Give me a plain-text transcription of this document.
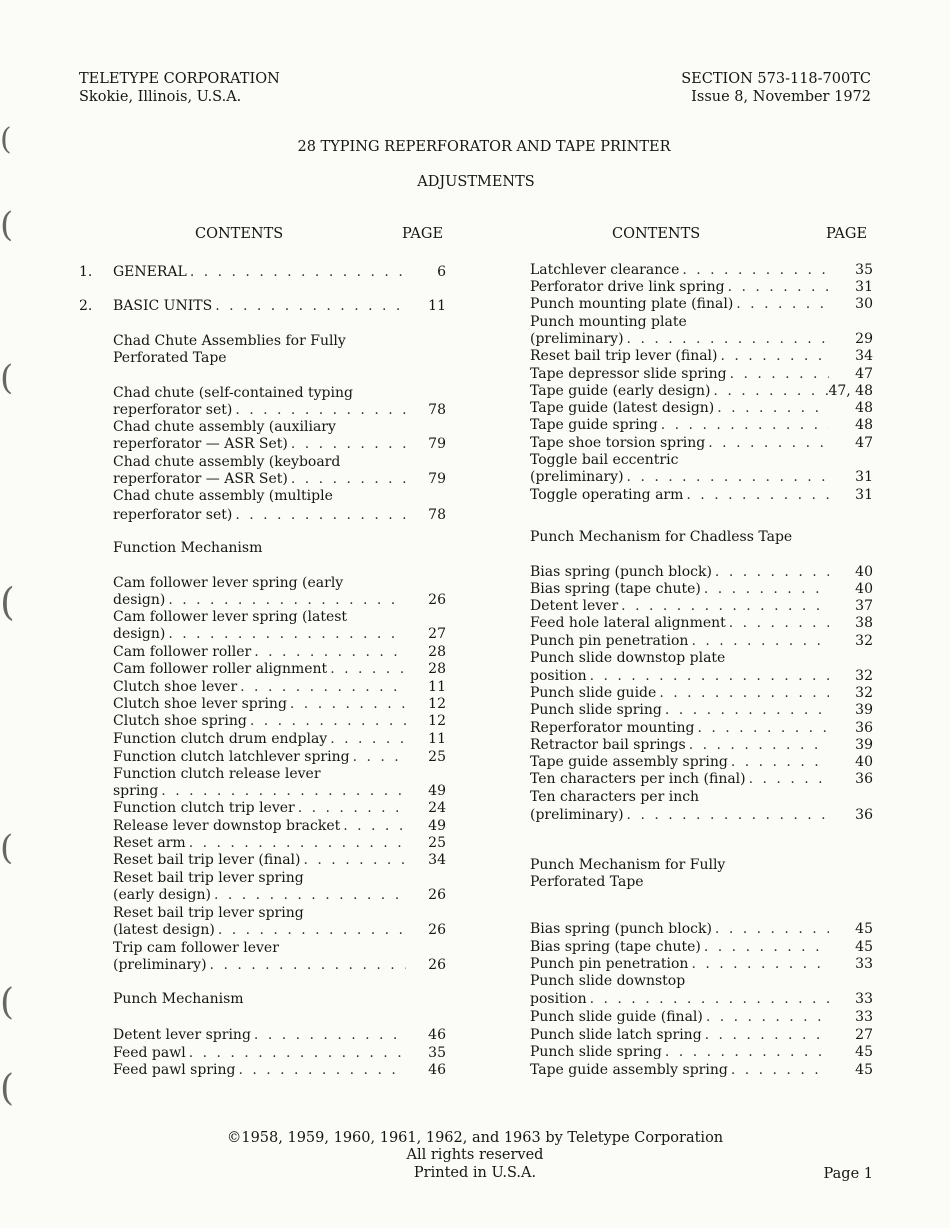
TELETYPE CORPORATION
Skokie, Illinois, U.S.A.
SECTION 573-118-700TC
Issue 8, November 1972
28 TYPING REPERFORATOR AND TAPE PRINTER
ADJUSTMENTS
CONTENTS	PAGE	CONTENTS	PAGE
1. GENERAL . . .	6
2. BASIC UNITS . . .	11
Chad Chute Assemblies for Fully
Perforated Tape
Chad chute (self-contained typing
reperforator set) . . .	78
Chad chute assembly (auxiliary
reperforator — ASR Set) . . .	79
Chad chute assembly (keyboard
reperforator — ASR Set) . . .	79
Chad chute assembly (multiple
reperforator set) . . .	78
Function Mechanism
Cam follower lever spring (early
design) . . .	26
Cam follower lever spring (latest
design) . . .	27
Cam follower roller . . .	28
Cam follower roller alignment . . .	28
Clutch shoe lever . . .	11
Clutch shoe lever spring . . .	12
Clutch shoe spring . . .	12
Function clutch drum endplay . . .	11
Function clutch latchlever spring . . .	25
Function clutch release lever
spring . . .	49
Function clutch trip lever . . .	24
Release lever downstop bracket . . .	49
Reset arm . . .	25
Reset bail trip lever (final) . . .	34
Reset bail trip lever spring
(early design) . . .	26
Reset bail trip lever spring
(latest design) . . .	26
Trip cam follower lever
(preliminary) . . .	26
Punch Mechanism
Detent lever spring . . .	46
Feed pawl . . .	35
Feed pawl spring . . .	46
Latchlever clearance . . .	35
Perforator drive link spring . . .	31
Punch mounting plate (final) . . .	30
Punch mounting plate
(preliminary) . . .	29
Reset bail trip lever (final) . . .	34
Tape depressor slide spring . . .	47
Tape guide (early design) . . .	47, 48
Tape guide (latest design) . . .	48
Tape guide spring . . .	48
Tape shoe torsion spring . . .	47
Toggle bail eccentric
(preliminary) . . .	31
Toggle operating arm . . .	31
Punch Mechanism for Chadless Tape
Bias spring (punch block) . . .	40
Bias spring (tape chute) . . .	40
Detent lever . . .	37
Feed hole lateral alignment . . .	38
Punch pin penetration . . .	32
Punch slide downstop plate
position . . .	32
Punch slide guide . . .	32
Punch slide spring . . .	39
Reperforator mounting . . .	36
Retractor bail springs . . .	39
Tape guide assembly spring . . .	40
Ten characters per inch (final) . . .	36
Ten characters per inch
(preliminary) . . .	36
Punch Mechanism for Fully
Perforated Tape
Bias spring (punch block) . . .	45
Bias spring (tape chute) . . .	45
Punch pin penetration . . .	33
Punch slide downstop
position . . .	33
Punch slide guide (final) . . .	33
Punch slide latch spring . . .	27
Punch slide spring . . .	45
Tape guide assembly spring . . .	45
(
(
(
(
(
(
(
©1958, 1959, 1960, 1961, 1962, and 1963 by Teletype Corporation
All rights reserved
Printed in U.S.A.	Page 1
